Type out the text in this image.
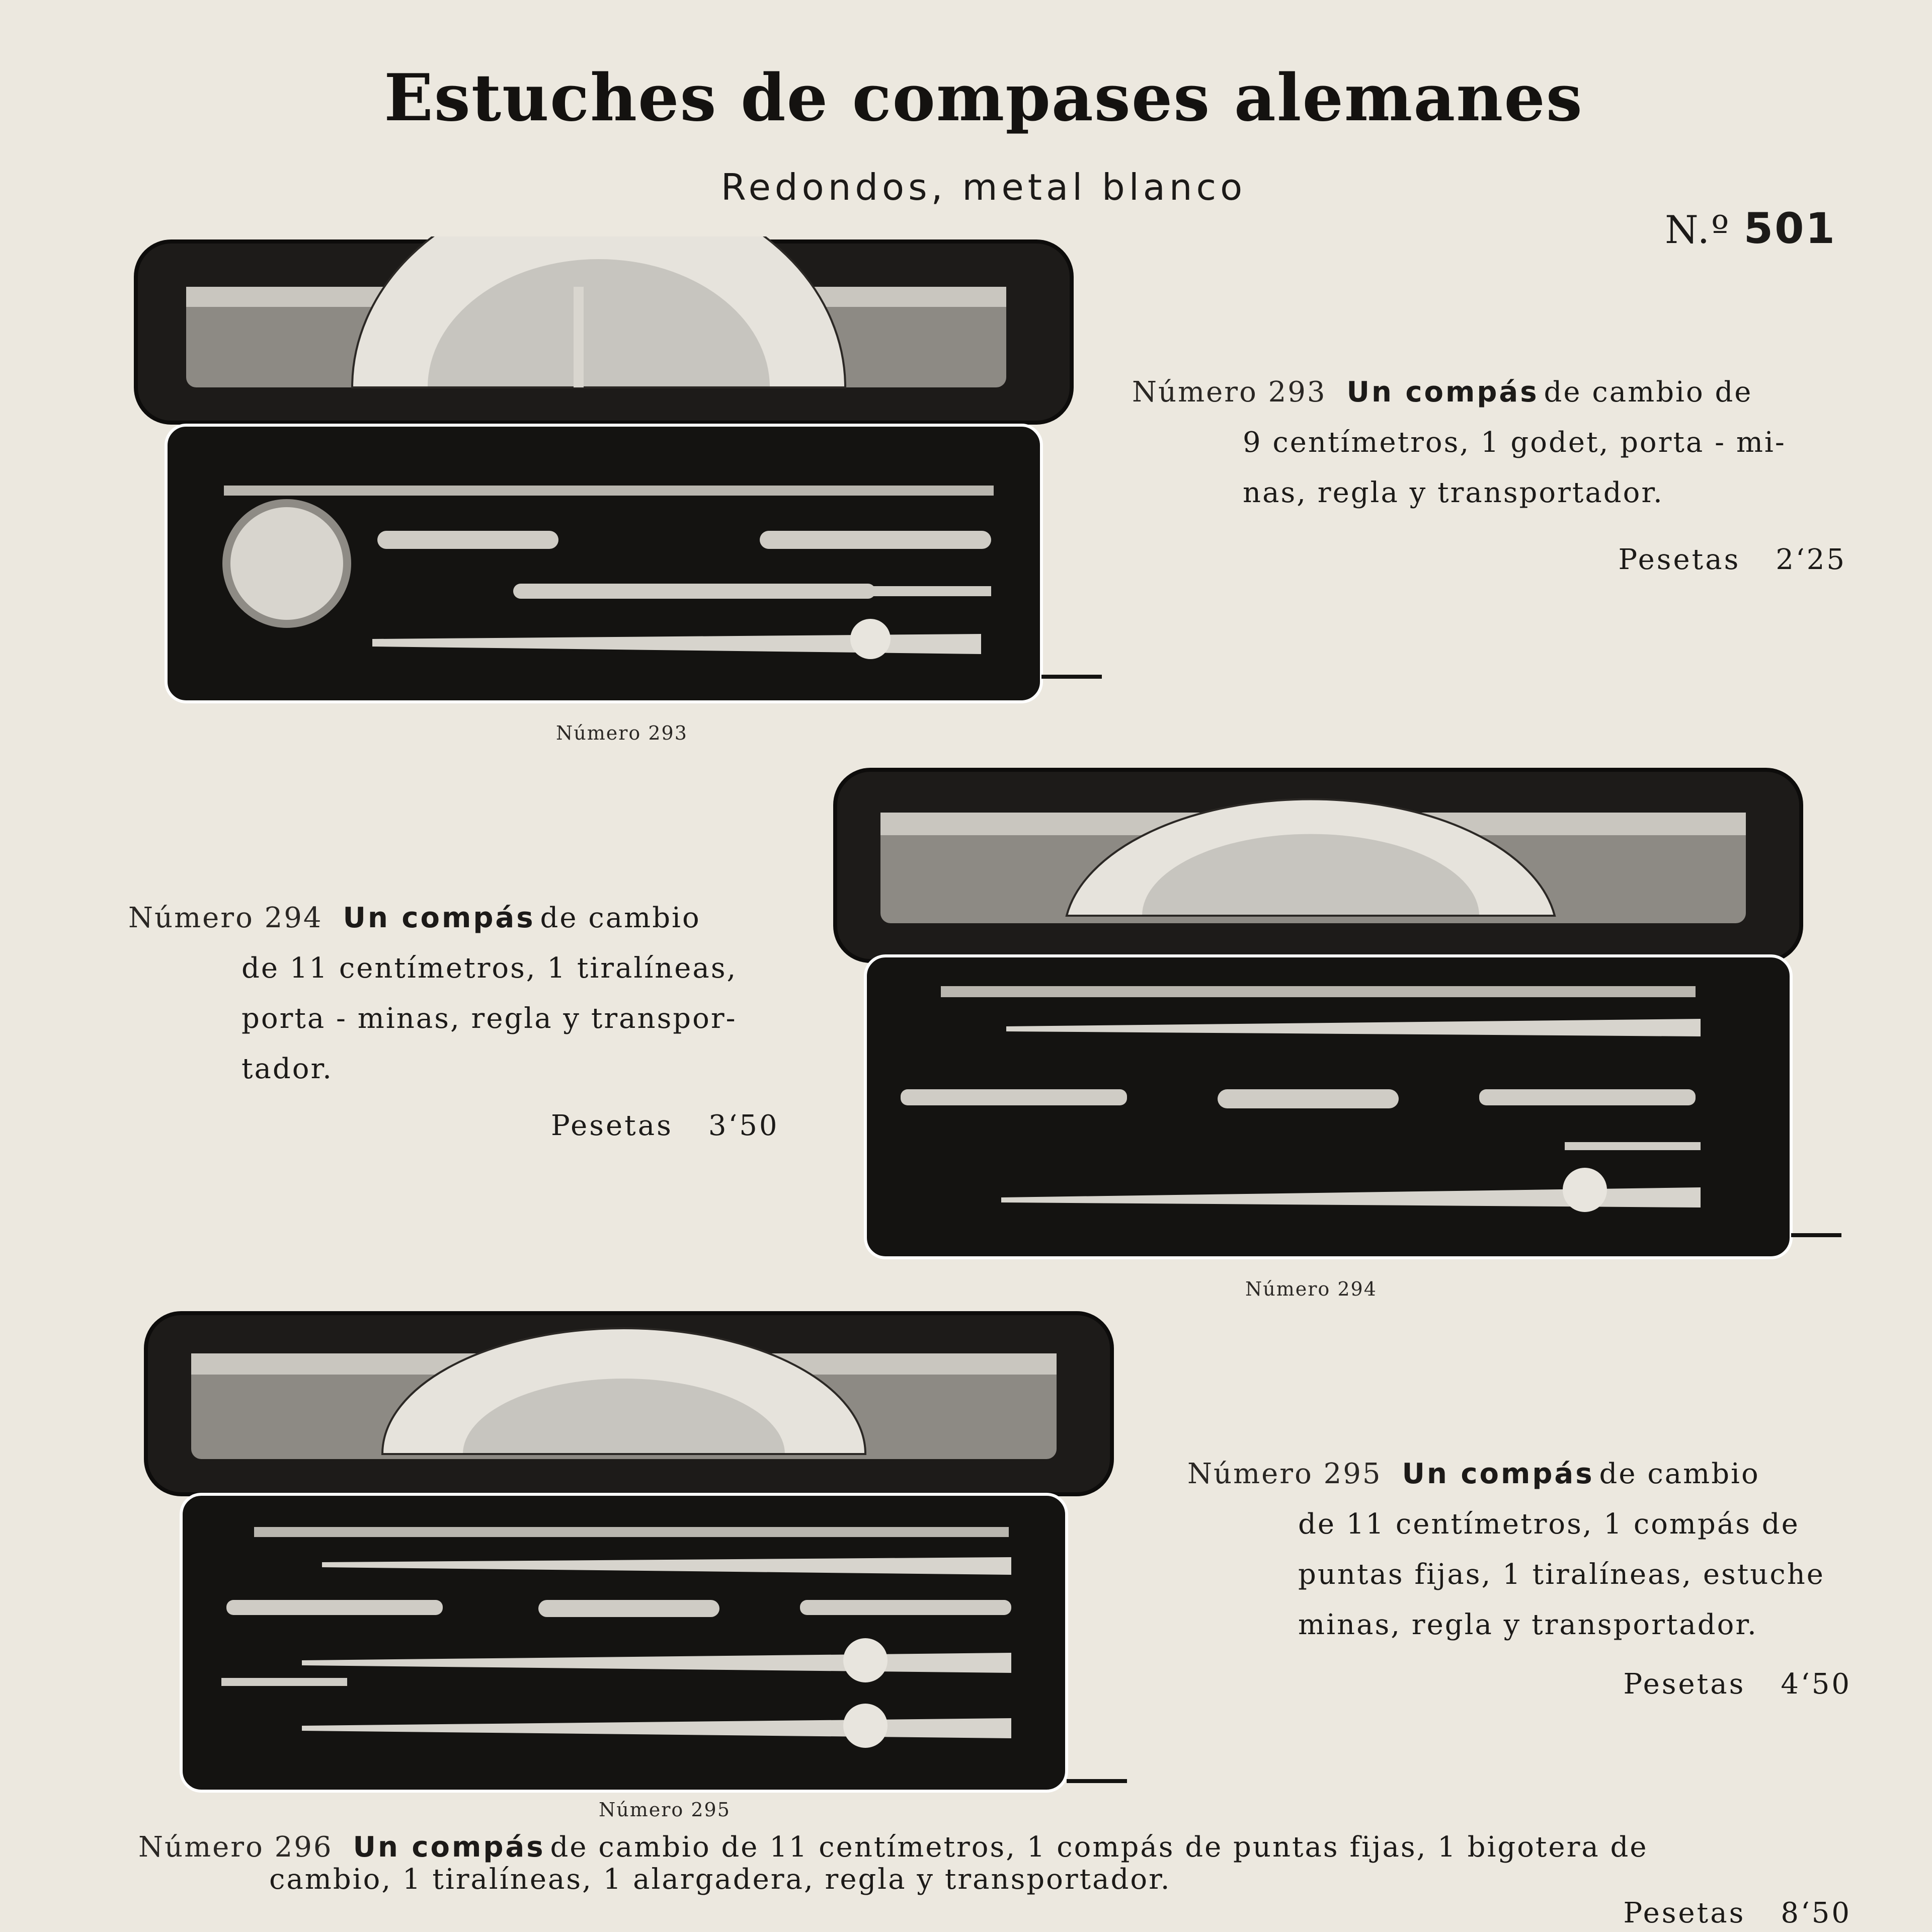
Estuches de compases alemanes
Redondos, metal blanco
N.º 501
Número 293
Número 293 Un compás de cambio de
9 centímetros, 1 godet, porta - mi-
nas, regla y transportador.
Pesetas 2‘25
Número 294
Número 294 Un compás de cambio
de 11 centímetros, 1 tiralíneas,
porta - minas, regla y transpor-
tador.
Pesetas 3‘50
Número 295
Número 295 Un compás de cambio
de 11 centímetros, 1 compás de
puntas fijas, 1 tiralíneas, estuche
minas, regla y transportador.
Pesetas 4‘50
Número 296 Un compás de cambio de 11 centímetros, 1 compás de puntas fijas, 1 bigotera de
cambio, 1 tiralíneas, 1 alargadera, regla y transportador.
Pesetas 8‘50
